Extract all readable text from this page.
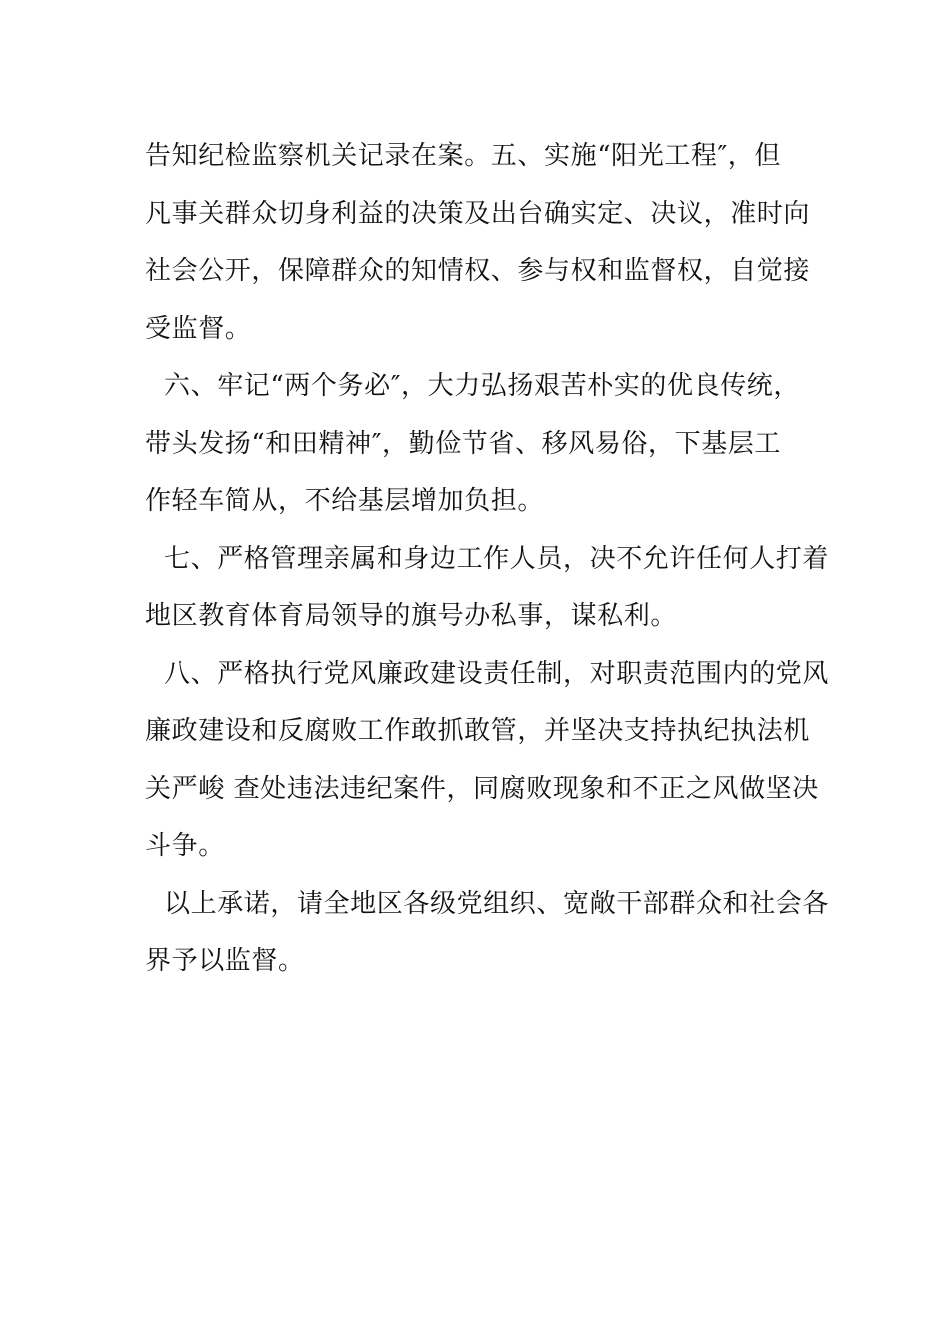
告知纪检监察机关记录在案。五、实施“阳光工程″，但
凡事关群众切身利益的决策及出台确实定、决议，准时向
社会公开，保障群众的知情权、参与权和监督权，自觉接
受监督。
六、牢记“两个务必″，大力弘扬艰苦朴实的优良传统，
带头发扬“和田精神″，勤俭节省、移风易俗，下基层工
作轻车简从，不给基层增加负担。
七、严格管理亲属和身边工作人员，决不允许任何人打着
地区教育体育局领导的旗号办私事，谋私利。
八、严格执行党风廉政建设责任制，对职责范围内的党风
廉政建设和反腐败工作敢抓敢管，并坚决支持执纪执法机
关严峻 查处违法违纪案件，同腐败现象和不正之风做坚决
斗争。
以上承诺，请全地区各级党组织、宽敞干部群众和社会各
界予以监督。
